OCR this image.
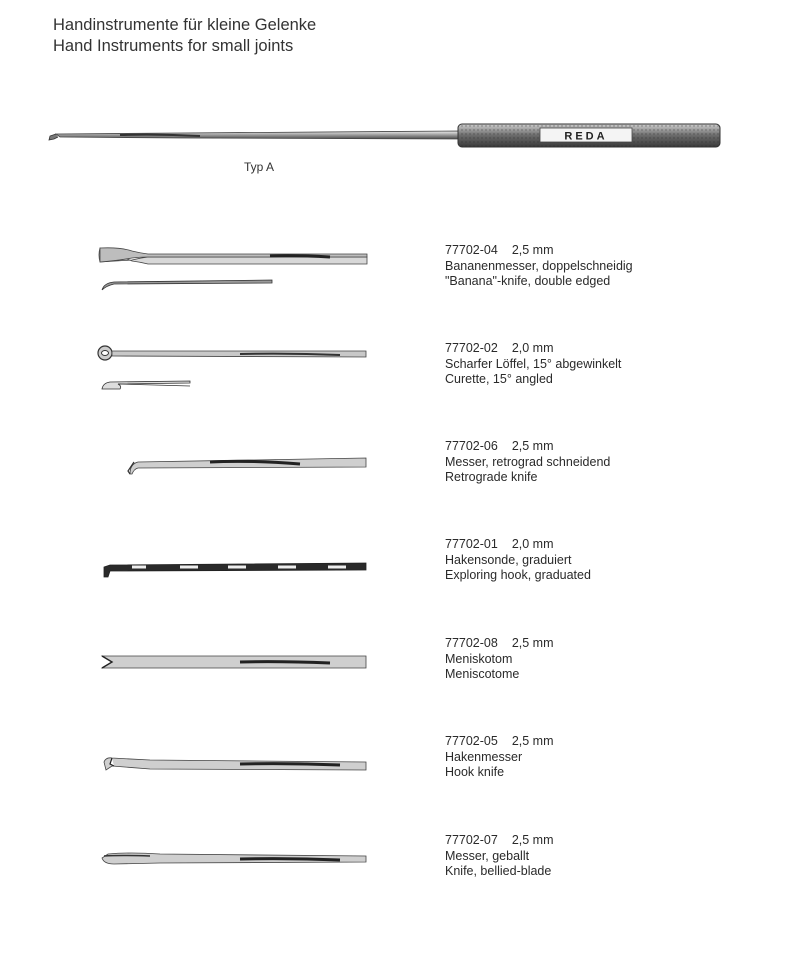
Handinstrumente für kleine Gelenke
Hand Instruments for small joints
REDA
Typ A
77702-04 2,5 mm
Bananenmesser, doppelschneidig
"Banana"-knife, double edged
77702-02 2,0 mm
Scharfer Löffel, 15° abgewinkelt
Curette, 15° angled
77702-06 2,5 mm
Messer, retrograd schneidend
Retrograde knife
77702-01 2,0 mm
Hakensonde, graduiert
Exploring hook, graduated
77702-08 2,5 mm
Meniskotom
Meniscotome
77702-05 2,5 mm
Hakenmesser
Hook knife
77702-07 2,5 mm
Messer, geballt
Knife, bellied-blade
